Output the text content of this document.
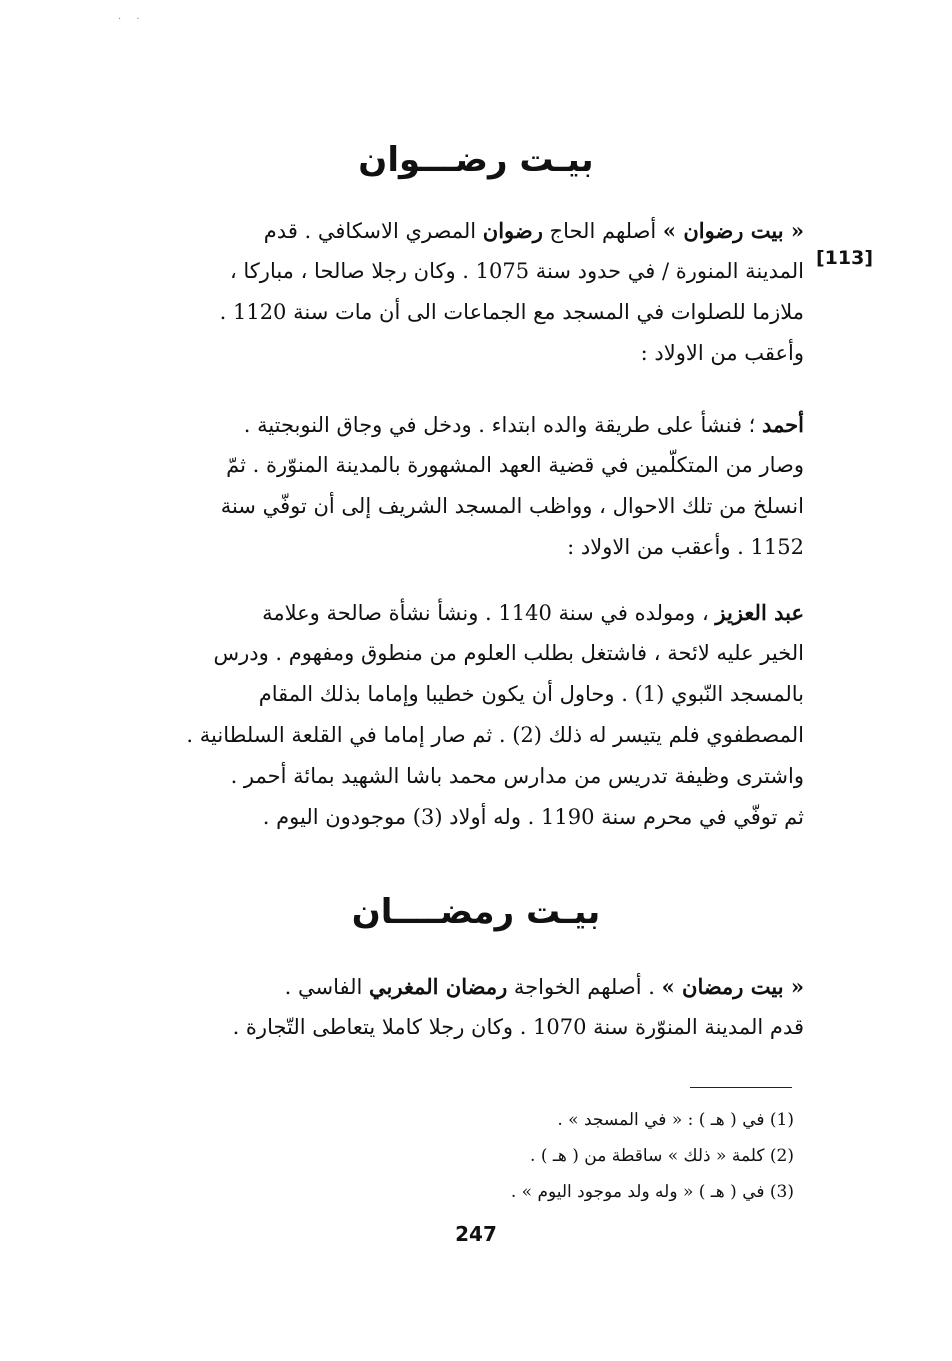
· ·
بيـت رضـــوان
[113]
« بيت رضوان » أصلهم الحاج رضوان المصري الاسكافي . قدم
المدينة المنورة / في حدود سنة 1075 . وكان رجلا صالحا ، مباركا ،
ملازما للصلوات في المسجد مع الجماعات الى أن مات سنة 1120 .
وأعقب من الاولاد :
أحمد ؛ فنشأ على طريقة والده ابتداء . ودخل في وجاق النوبجتية .
وصار من المتكلّمين في قضية العهد المشهورة بالمدينة المنوّرة . ثمّ
انسلخ من تلك الاحوال ، وواظب المسجد الشريف إلى أن توفّي سنة
1152 . وأعقب من الاولاد :
عبد العزيز ، ومولده في سنة 1140 . ونشأ نشأة صالحة وعلامة
الخير عليه لائحة ، فاشتغل بطلب العلوم من منطوق ومفهوم . ودرس
بالمسجد النّبوي (1) . وحاول أن يكون خطيبا وإماما بذلك المقام
المصطفوي فلم يتيسر له ذلك (2) . ثم صار إماما في القلعة السلطانية .
واشترى وظيفة تدريس من مدارس محمد باشا الشهيد بمائة أحمر .
ثم توفّي في محرم سنة 1190 . وله أولاد (3) موجودون اليوم .
بيـت رمضــــان
« بيت رمضان » . أصلهم الخواجة رمضان المغربي الفاسي .
قدم المدينة المنوّرة سنة 1070 . وكان رجلا كاملا يتعاطى التّجارة .
(1) في ( هـ ) : « في المسجد » .
(2) كلمة « ذلك » ساقطة من ( هـ ) .
(3) في ( هـ ) « وله ولد موجود اليوم » .
247
